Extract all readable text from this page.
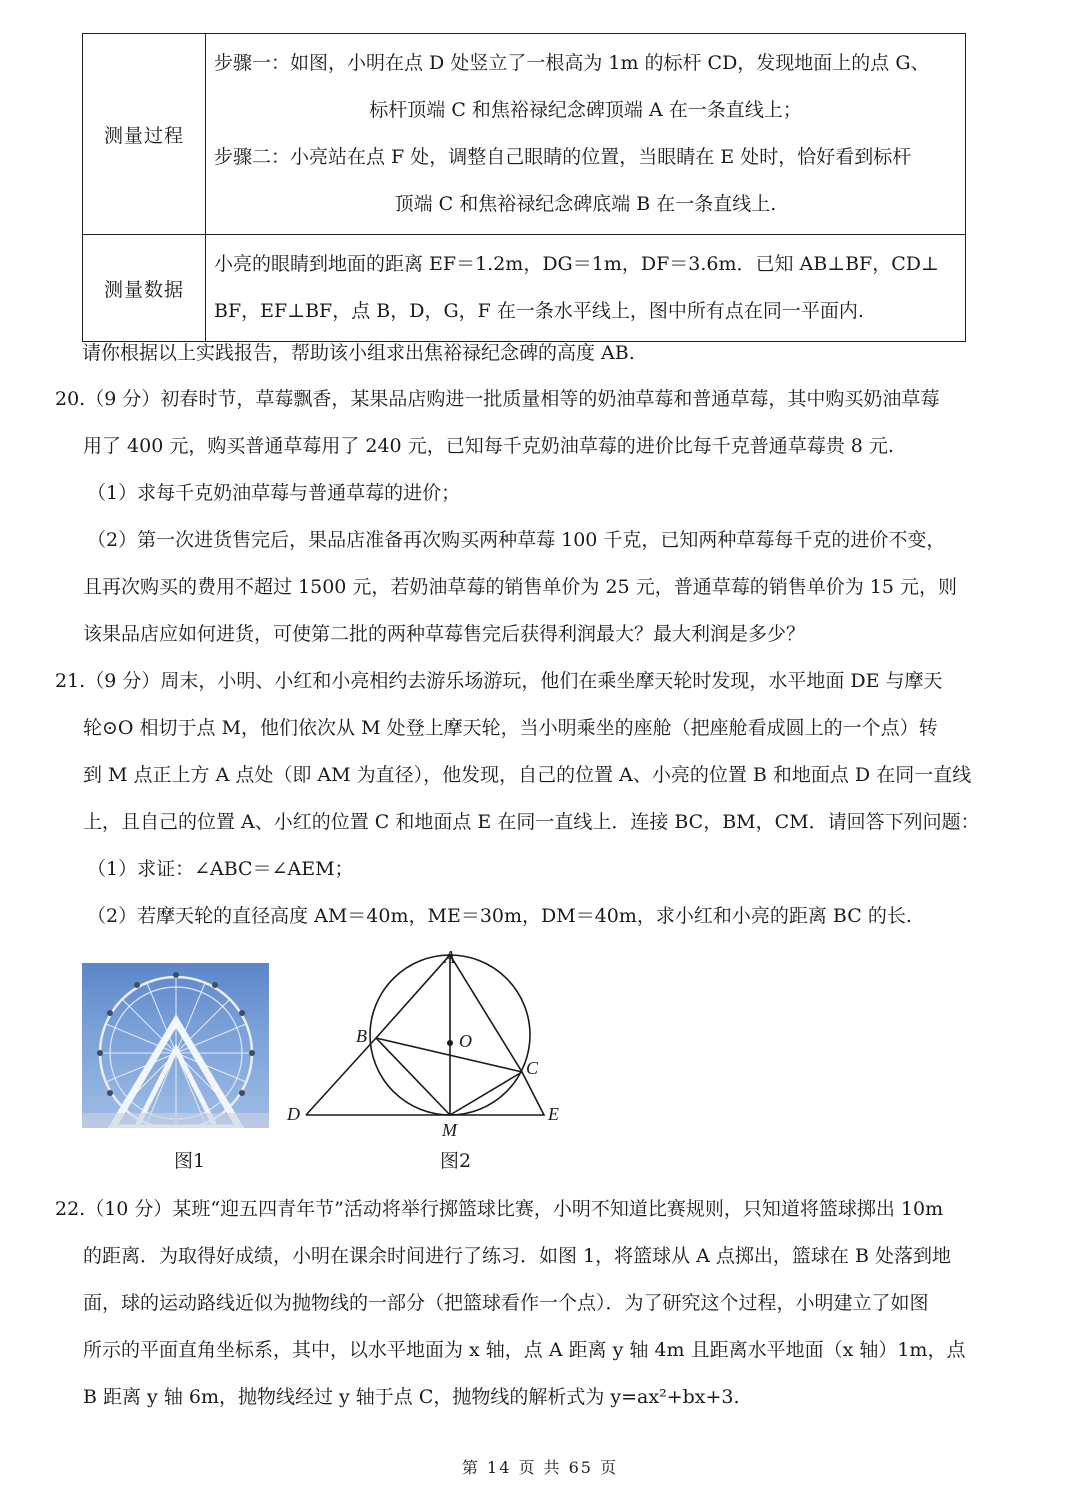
测量过程	步骤一：如图，小明在点 D 处竖立了一根高为 1m 的标杆 CD，发现地面上的点 G、
标杆顶端 C 和焦裕禄纪念碑顶端 A 在一条直线上；
步骤二：小亮站在点 F 处，调整自己眼睛的位置，当眼睛在 E 处时，恰好看到标杆
顶端 C 和焦裕禄纪念碑底端 B 在一条直线上.

测量数据	小亮的眼睛到地面的距离 EF＝1.2m，DG＝1m，DF＝3.6m．已知 AB⊥BF，CD⊥
BF，EF⊥BF，点 B，D，G，F 在一条水平线上，图中所有点在同一平面内.
请你根据以上实践报告，帮助该小组求出焦裕禄纪念碑的高度 AB.
20.（9 分）初春时节，草莓飘香，某果品店购进一批质量相等的奶油草莓和普通草莓，其中购买奶油草莓
用了 400 元，购买普通草莓用了 240 元，已知每千克奶油草莓的进价比每千克普通草莓贵 8 元.
（1）求每千克奶油草莓与普通草莓的进价；
（2）第一次进货售完后，果品店准备再次购买两种草莓 100 千克，已知两种草莓每千克的进价不变，
且再次购买的费用不超过 1500 元，若奶油草莓的销售单价为 25 元，普通草莓的销售单价为 15 元，则
该果品店应如何进货，可使第二批的两种草莓售完后获得利润最大？最大利润是多少？
21.（9 分）周末，小明、小红和小亮相约去游乐场游玩，他们在乘坐摩天轮时发现，水平地面 DE 与摩天
轮⊙O 相切于点 M，他们依次从 M 处登上摩天轮，当小明乘坐的座舱（把座舱看成圆上的一个点）转
到 M 点正上方 A 点处（即 AM 为直径），他发现，自己的位置 A、小亮的位置 B 和地面点 D 在同一直线
上，且自己的位置 A、小红的位置 C 和地面点 E 在同一直线上．连接 BC，BM，CM．请回答下列问题：
（1）求证：∠ABC＝∠AEM；
（2）若摩天轮的直径高度 AM＝40m，ME＝30m，DM＝40m，求小红和小亮的距离 BC 的长.
图1
A
B
C
D	E
M
O
图2
22.（10 分）某班“迎五四青年节”活动将举行掷篮球比赛，小明不知道比赛规则，只知道将篮球掷出 10m
的距离．为取得好成绩，小明在课余时间进行了练习．如图 1，将篮球从 A 点掷出，篮球在 B 处落到地
面，球的运动路线近似为抛物线的一部分（把篮球看作一个点）．为了研究这个过程，小明建立了如图
所示的平面直角坐标系，其中，以水平地面为 x 轴，点 A 距离 y 轴 4m 且距离水平地面（x 轴）1m，点
B 距离 y 轴 6m，抛物线经过 y 轴于点 C，抛物线的解析式为 y=ax²+bx+3.
第 14 页 共 65 页
